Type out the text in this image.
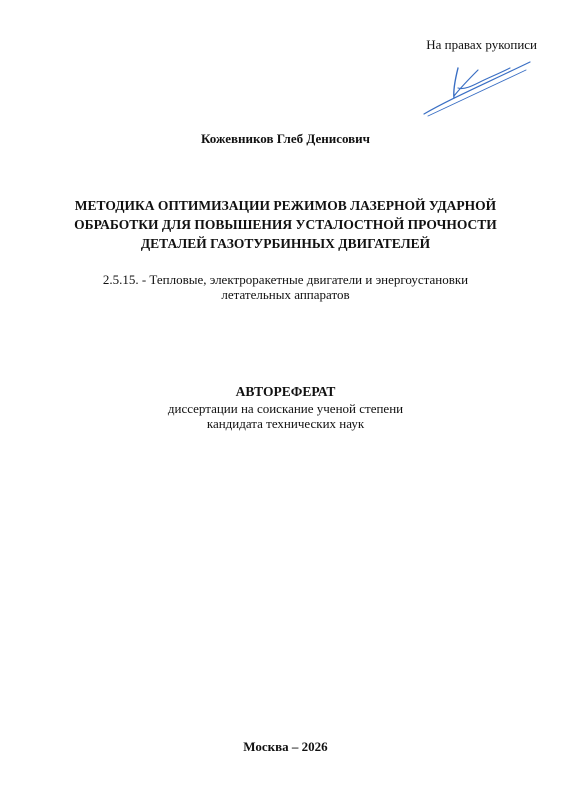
На правах рукописи
Кожевников Глеб Денисович
МЕТОДИКА ОПТИМИЗАЦИИ РЕЖИМОВ ЛАЗЕРНОЙ УДАРНОЙ
ОБРАБОТКИ ДЛЯ ПОВЫШЕНИЯ УСТАЛОСТНОЙ ПРОЧНОСТИ
ДЕТАЛЕЙ ГАЗОТУРБИННЫХ ДВИГАТЕЛЕЙ
2.5.15. - Тепловые, электроракетные двигатели и энергоустановки
летательных аппаратов
АВТОРЕФЕРАТ
диссертации на соискание ученой степени
кандидата технических наук
Москва – 2026
